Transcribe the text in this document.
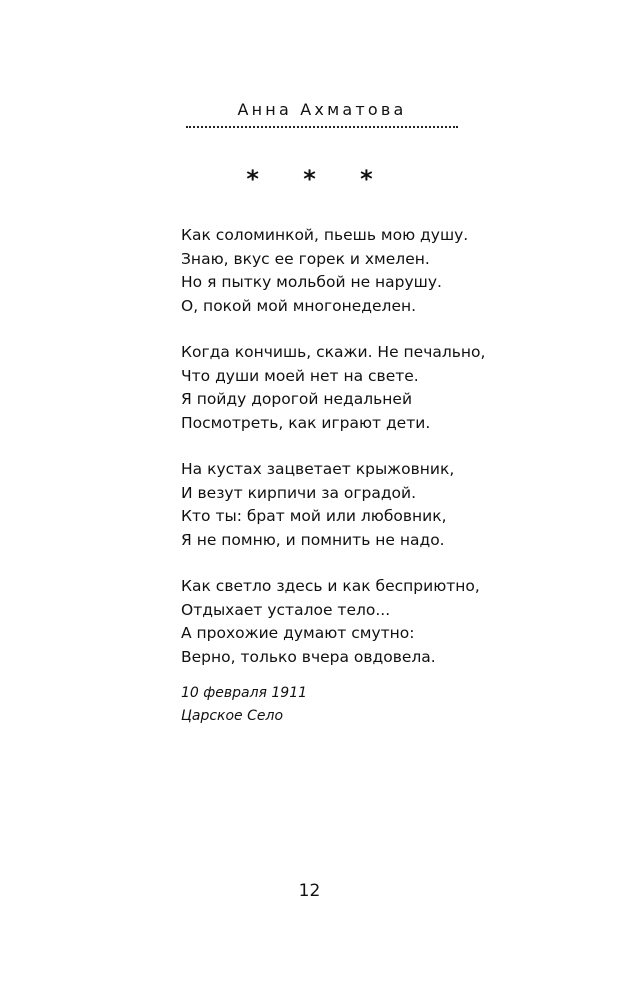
Анна Ахматова
* * *
Как соломинкой, пьешь мою душу.
Знаю, вкус ее горек и хмелен.
Но я пытку мольбой не нарушу.
О, покой мой многонеделен.
Когда кончишь, скажи. Не печально,
Что души моей нет на свете.
Я пойду дорогой недальней
Посмотреть, как играют дети.
На кустах зацветает крыжовник,
И везут кирпичи за оградой.
Кто ты: брат мой или любовник,
Я не помню, и помнить не надо.
Как светло здесь и как бесприютно,
Отдыхает усталое тело...
А прохожие думают смутно:
Верно, только вчера овдовела.
10 февраля 1911
Царское Село
12
